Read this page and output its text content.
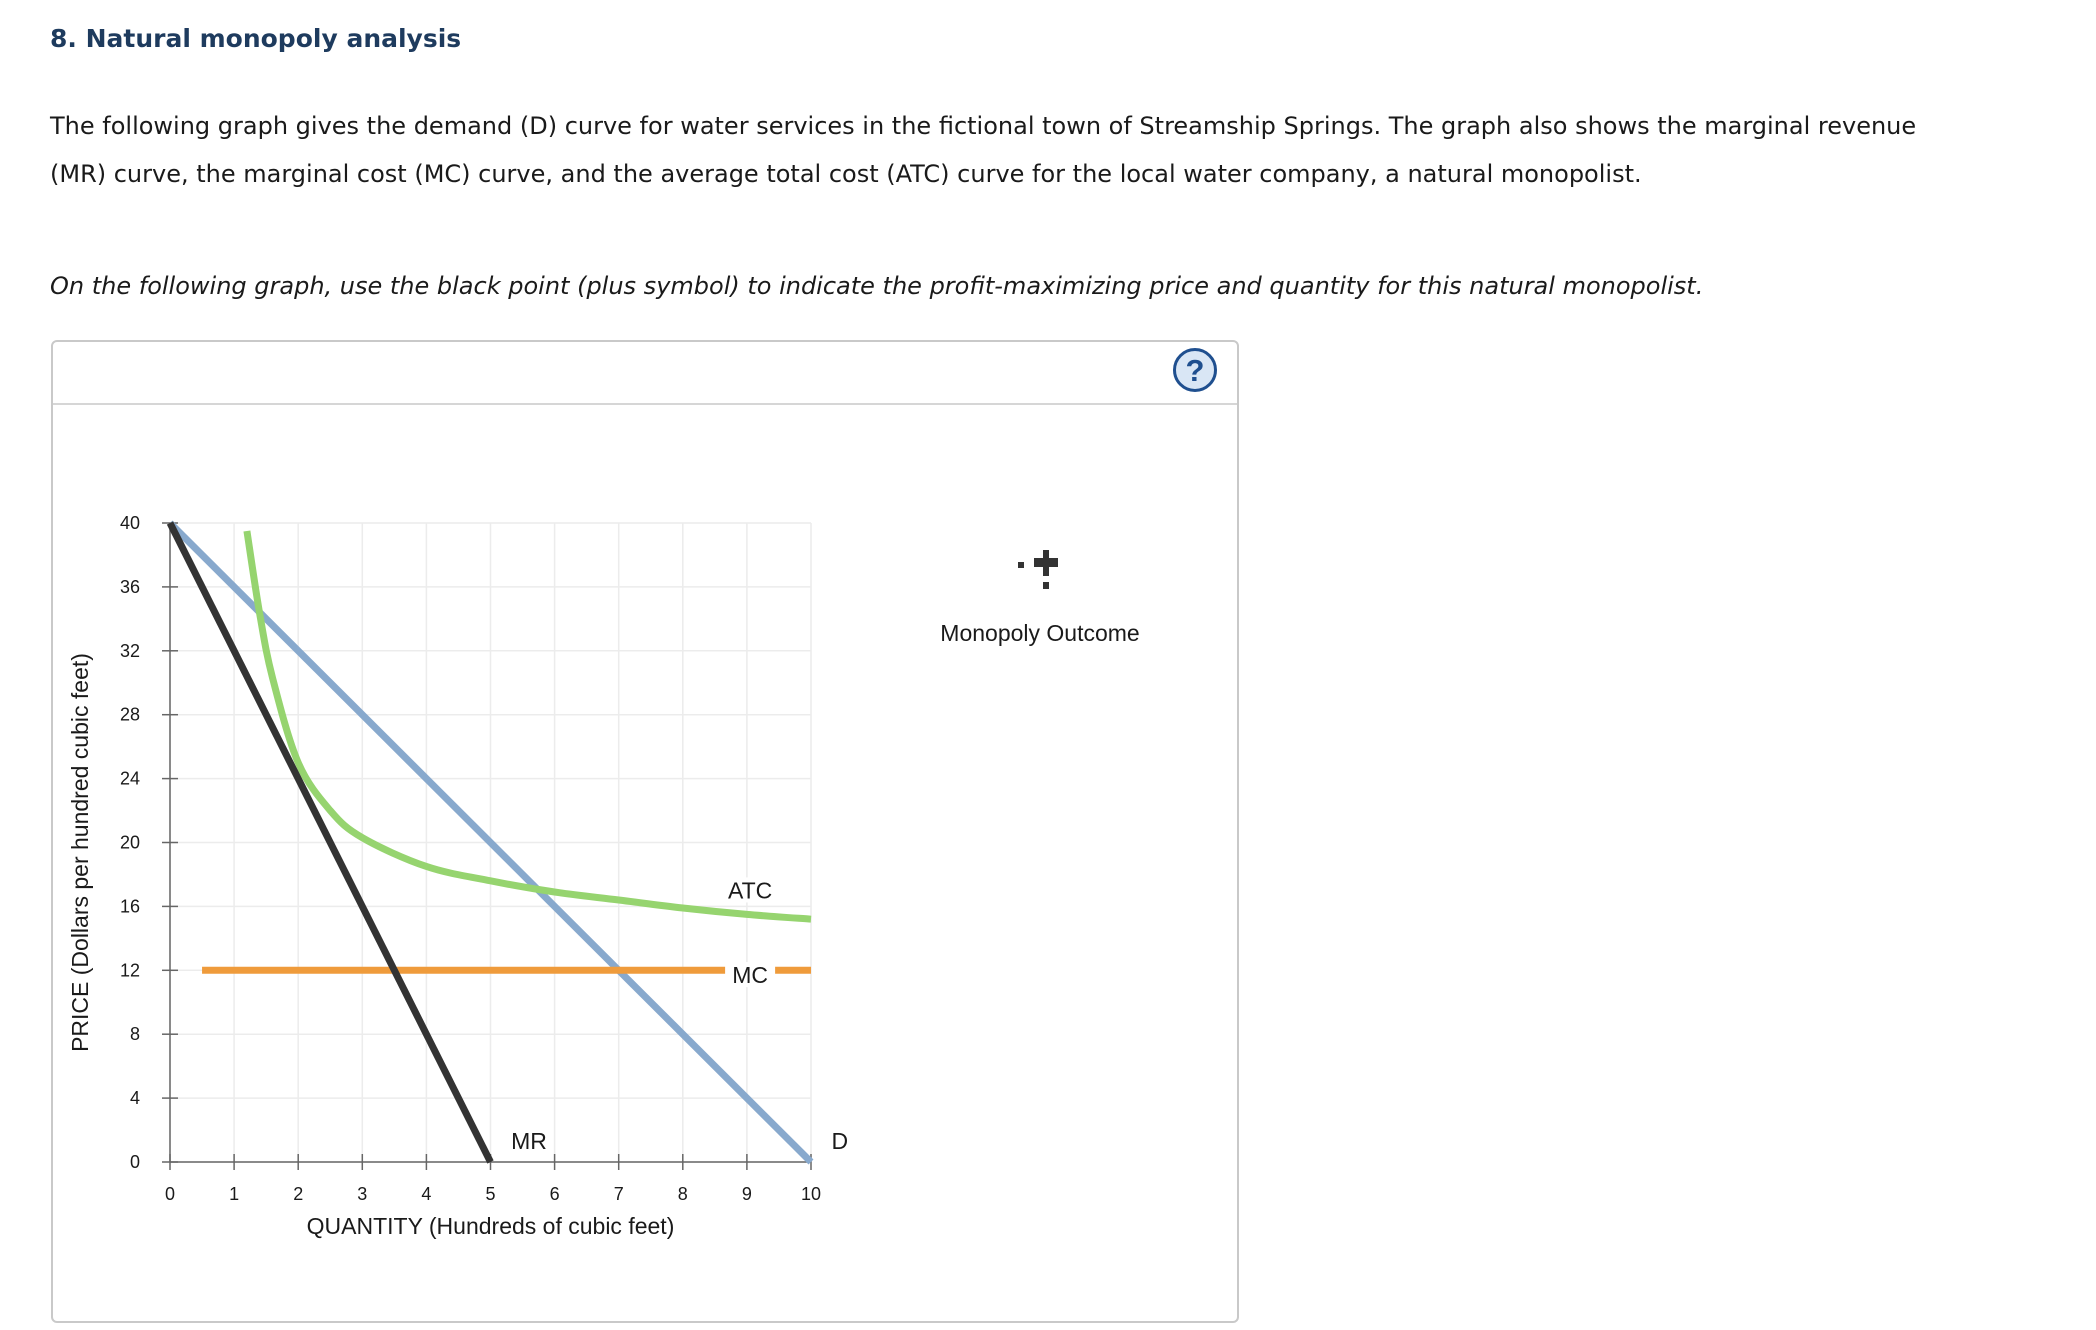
8. Natural monopoly analysis

The following graph gives the demand (D) curve for water services in the fictional town of Streamship Springs. The graph also shows the marginal revenue (MR) curve, the marginal cost (MC) curve, and the average total cost (ATC) curve for the local water company, a natural monopolist.

On the following graph, use the black point (plus symbol) to indicate the profit-maximizing price and quantity for this natural monopolist.

?
0	1	2	3	4	5	6	7	8	9	10
0
4
8
12
16
20
24
28
32
36
40
QUANTITY (Hundreds of cubic feet)
PRICE (Dollars per hundred cubic feet)
D
MR
MC
ATC
Monopoly Outcome
